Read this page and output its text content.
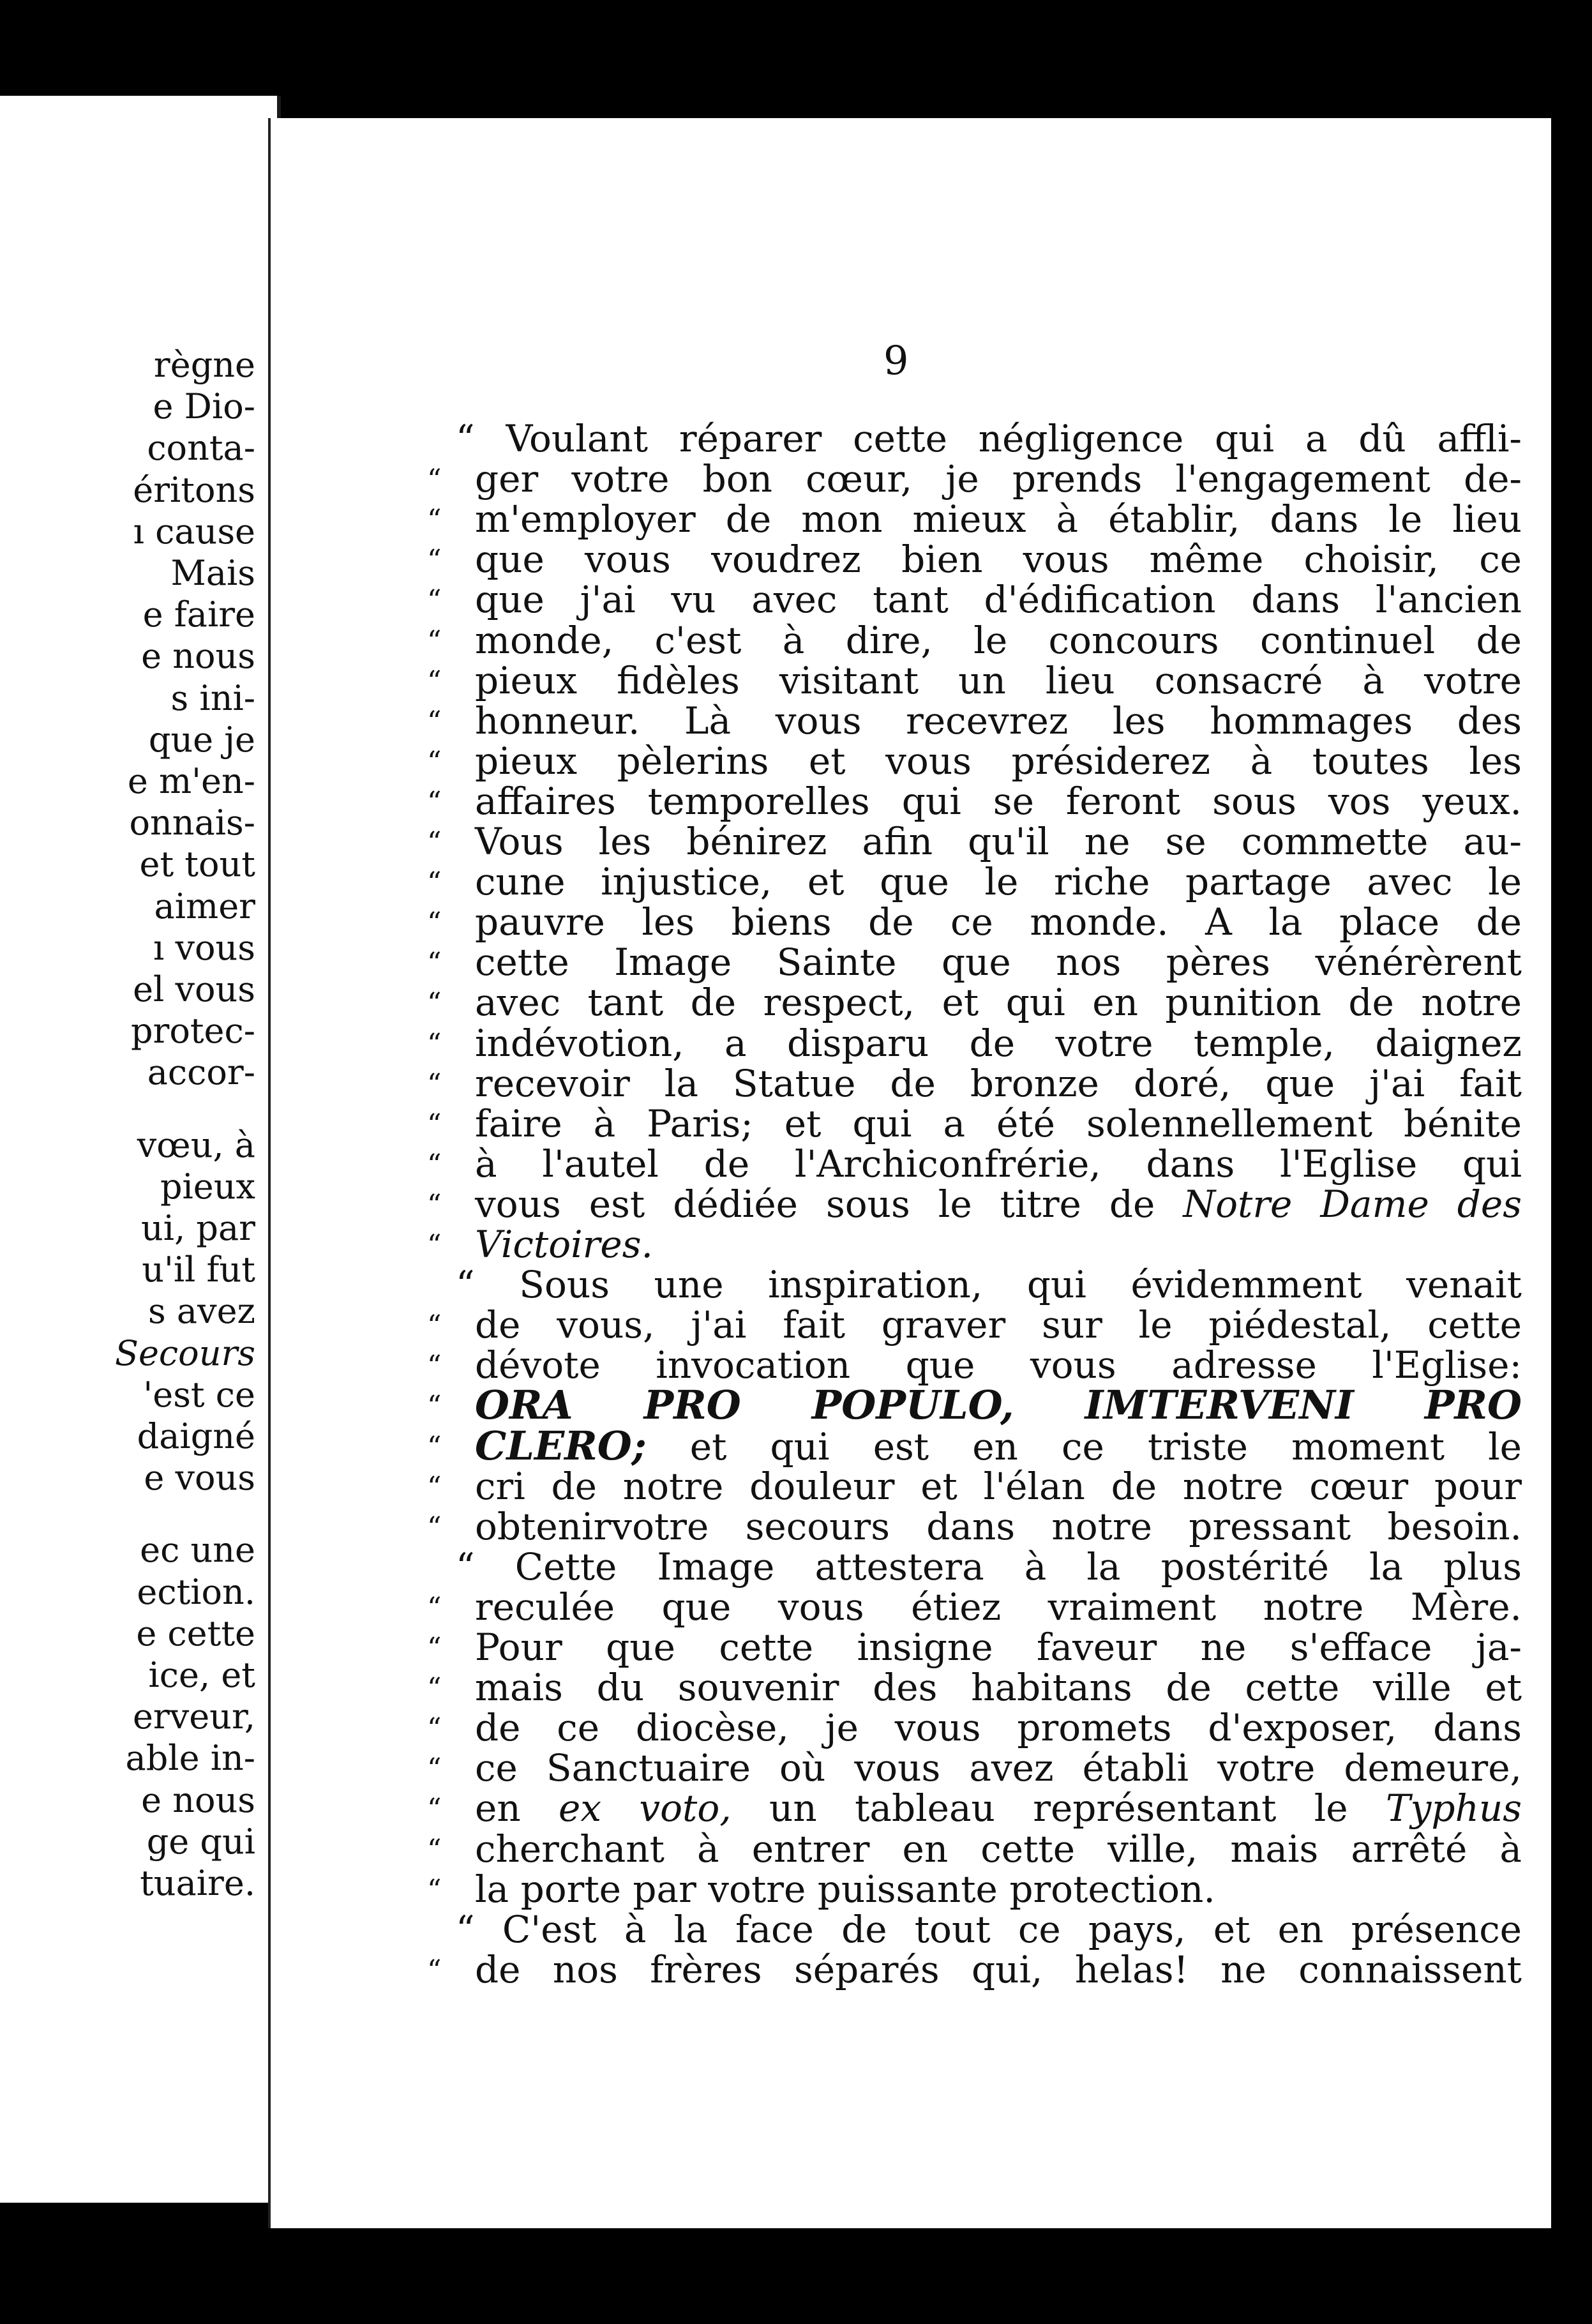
règne
e Dio-
conta-
éritons
ı cause
Mais
e faire
e nous
s ini-
que je
e m'en-
onnais-
et tout
aimer
ı vous
el vous
protec-
accor-
vœu, à
pieux
ui, par
u'il fut
s avez
Secours
'est ce
daigné
e vous
ec une
ection.
e cette
ice, et
erveur,
able in-
e nous
ge qui
tuaire.

9

“ Voulant réparer cette négligence qui a dû affli-
“ ger votre bon cœur, je prends l'engagement de-
“ m'employer de mon mieux à établir, dans le lieu
“ que vous voudrez bien vous même choisir, ce
“ que j'ai vu avec tant d'édification dans l'ancien
“ monde, c'est à dire, le concours continuel de
“ pieux fidèles visitant un lieu consacré à votre
“ honneur. Là vous recevrez les hommages des
“ pieux pèlerins et vous présiderez à toutes les
“ affaires temporelles qui se feront sous vos yeux.
“ Vous les bénirez afin qu'il ne se commette au-
“ cune injustice, et que le riche partage avec le
“ pauvre les biens de ce monde. A la place de
“ cette Image Sainte que nos pères vénérèrent
“ avec tant de respect, et qui en punition de notre
“ indévotion, a disparu de votre temple, daignez
“ recevoir la Statue de bronze doré, que j'ai fait
“ faire à Paris; et qui a été solennellement bénite
“ à l'autel de l'Archiconfrérie, dans l'Eglise qui
“ vous est dédiée sous le titre de Notre Dame des
“ Victoires.
“ Sous une inspiration, qui évidemment venait
“ de vous, j'ai fait graver sur le piédestal, cette
“ dévote invocation que vous adresse l'Eglise:
“ ORA PRO POPULO, IMTERVENI PRO
“ CLERO; et qui est en ce triste moment le
“ cri de notre douleur et l'élan de notre cœur pour
“ obtenirvotre secours dans notre pressant besoin.
“ Cette Image attestera à la postérité la plus
“ reculée que vous étiez vraiment notre Mère.
“ Pour que cette insigne faveur ne s'efface ja-
“ mais du souvenir des habitans de cette ville et
“ de ce diocèse, je vous promets d'exposer, dans
“ ce Sanctuaire où vous avez établi votre demeure,
“ en ex voto, un tableau représentant le Typhus
“ cherchant à entrer en cette ville, mais arrêté à
“ la porte par votre puissante protection.
“ C'est à la face de tout ce pays, et en présence
“ de nos frères séparés qui, helas! ne connaissent
